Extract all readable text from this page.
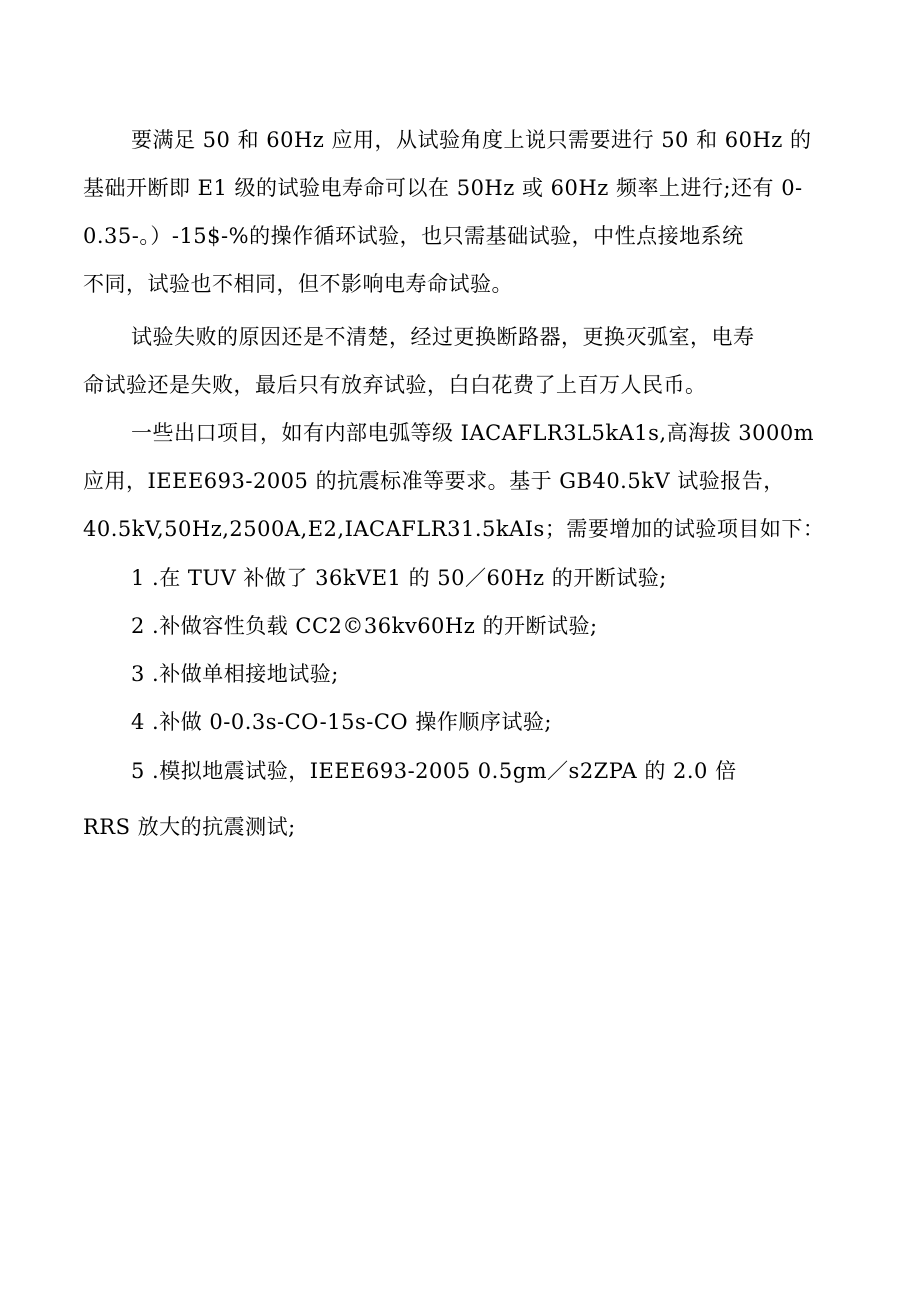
要满足 50 和 60Hz 应用，从试验角度上说只需要进行 50 和 60Hz 的
基础开断即 E1 级的试验电寿命可以在 50Hz 或 60Hz 频率上进行;还有 0-
0.35-。）-15$-%的操作循环试验，也只需基础试验，中性点接地系统
不同，试验也不相同，但不影响电寿命试验。
试验失败的原因还是不清楚，经过更换断路器，更换灭弧室，电寿
命试验还是失败，最后只有放弃试验，白白花费了上百万人民币。
一些出口项目，如有内部电弧等级 IACAFLR3L5kA1s,高海拔 3000m
应用，IEEE693-2005 的抗震标准等要求。基于 GB40.5kV 试验报告，
40.5kV,50Hz,2500A,E2,IACAFLR31.5kAIs；需要增加的试验项目如下：
1 .在 TUV 补做了 36kVE1 的 50／60Hz 的开断试验;
2 .补做容性负载 CC2©36kv60Hz 的开断试验;
3 .补做单相接地试验;
4 .补做 0-0.3s-CO-15s-CO 操作顺序试验;
5 .模拟地震试验，IEEE693-2005 0.5gm／s2ZPA 的 2.0 倍
RRS 放大的抗震测试;
